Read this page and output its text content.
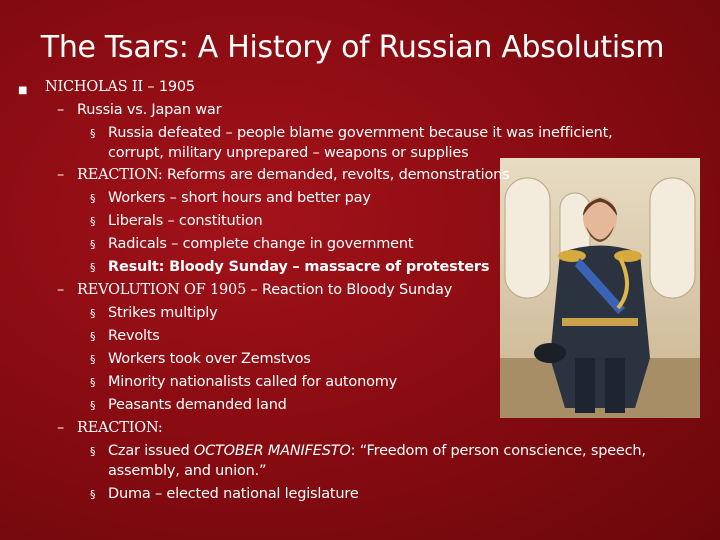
The Tsars: A History of Russian Absolutism
■ NICHOLAS II – 1905
– Russia vs. Japan war
§ Russia defeated – people blame government because it was inefficient,
corrupt, military unprepared – weapons or supplies
– REACTION: Reforms are demanded, revolts, demonstrations
§ Workers – short hours and better pay
§ Liberals – constitution
§ Radicals – complete change in government
§ Result: Bloody Sunday – massacre of protesters
– REVOLUTION OF 1905 – Reaction to Bloody Sunday
§ Strikes multiply
§ Revolts
§ Workers took over Zemstvos
§ Minority nationalists called for autonomy
§ Peasants demanded land
– REACTION:
§ Czar issued OCTOBER MANIFESTO: “Freedom of person conscience, speech,
assembly, and union.”
§ Duma – elected national legislature
